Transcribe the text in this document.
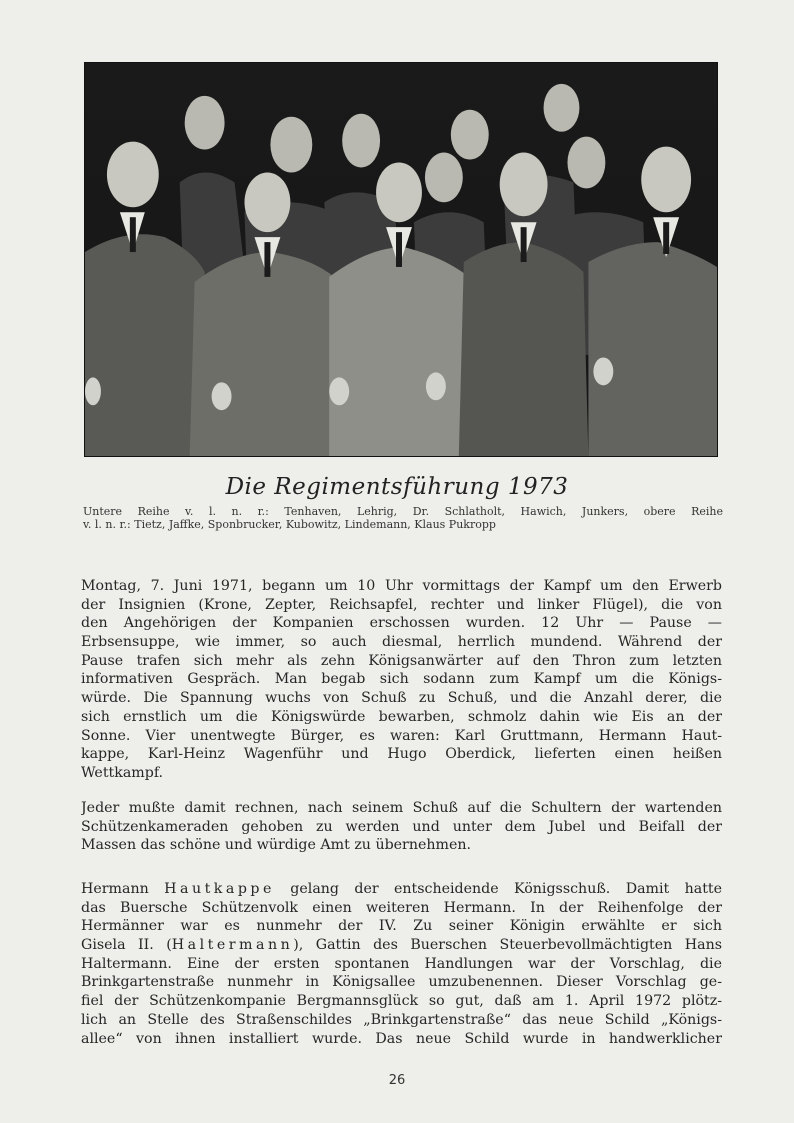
Die Regimentsführung 1973
Untere Reihe v. l. n. r.: Tenhaven, Lehrig, Dr. Schlatholt, Hawich, Junkers, obere Reihe
v. l. n. r.: Tietz, Jaffke, Sponbrucker, Kubowitz, Lindemann, Klaus Pukropp
Montag, 7. Juni 1971, begann um 10 Uhr vormittags der Kampf um den Erwerb
der Insignien (Krone, Zepter, Reichsapfel, rechter und linker Flügel), die von
den Angehörigen der Kompanien erschossen wurden. 12 Uhr — Pause —
Erbsensuppe, wie immer, so auch diesmal, herrlich mundend. Während der
Pause trafen sich mehr als zehn Königsanwärter auf den Thron zum letzten
informativen Gespräch. Man begab sich sodann zum Kampf um die Königs-
würde. Die Spannung wuchs von Schuß zu Schuß, und die Anzahl derer, die
sich ernstlich um die Königswürde bewarben, schmolz dahin wie Eis an der
Sonne. Vier unentwegte Bürger, es waren: Karl Gruttmann, Hermann Haut-
kappe, Karl-Heinz Wagenführ und Hugo Oberdick, lieferten einen heißen
Wettkampf.
Jeder mußte damit rechnen, nach seinem Schuß auf die Schultern der wartenden
Schützenkameraden gehoben zu werden und unter dem Jubel und Beifall der
Massen das schöne und würdige Amt zu übernehmen.
Hermann Hautkappe gelang der entscheidende Königsschuß. Damit hatte
das Buersche Schützenvolk einen weiteren Hermann. In der Reihenfolge der
Hermänner war es nunmehr der IV. Zu seiner Königin erwählte er sich
Gisela II. (Haltermann), Gattin des Buerschen Steuerbevollmächtigten Hans
Haltermann. Eine der ersten spontanen Handlungen war der Vorschlag, die
Brinkgartenstraße nunmehr in Königsallee umzubenennen. Dieser Vorschlag ge-
fiel der Schützenkompanie Bergmannsglück so gut, daß am 1. April 1972 plötz-
lich an Stelle des Straßenschildes „Brinkgartenstraße“ das neue Schild „Königs-
allee“ von ihnen installiert wurde. Das neue Schild wurde in handwerklicher
26
